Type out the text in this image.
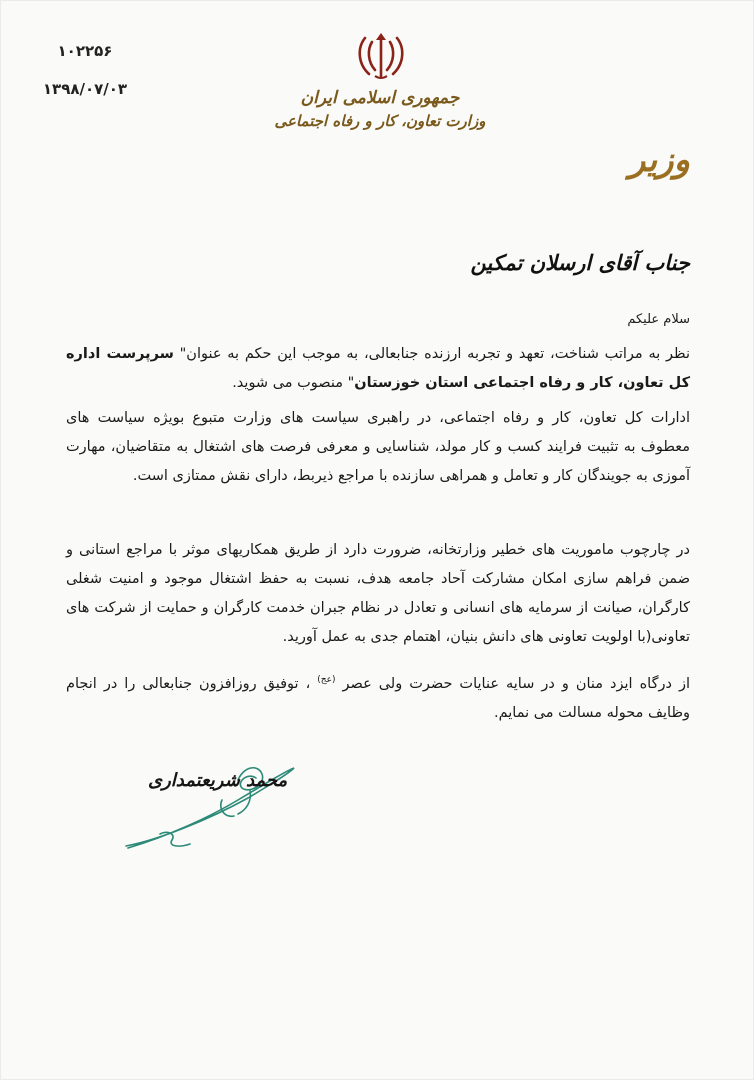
۱۰۲۲۵۶
۱۳۹۸/۰۷/۰۳	جمهوری اسلامی ایران
وزارت تعاون، کار و رفاه اجتماعی
وزیر
جناب آقای ارسلان تمکین
سلام علیکم
نظر به مراتب شناخت، تعهد و تجربه ارزنده جنابعالی، به موجب این حکم به عنوان" سرپرست اداره کل تعاون، کار و رفاه اجتماعی استان خوزستان" منصوب می شوید.
ادارات کل تعاون، کار و رفاه اجتماعی، در راهبری سیاست های وزارت متبوع بویژه سیاست های معطوف به تثبیت فرایند کسب و کار مولد، شناسایی و معرفی فرصت های اشتغال به متقاضیان، مهارت آموزی به جویندگان کار و تعامل و همراهی سازنده با مراجع ذیربط، دارای نقش ممتازی است.
در چارچوب ماموریت های خطیر وزارتخانه، ضرورت دارد از طریق همکاریهای موثر با مراجع استانی و ضمن فراهم سازی امکان مشارکت آحاد جامعه هدف، نسبت به حفظ اشتغال موجود و امنیت شغلی کارگران، صیانت از سرمایه های انسانی و تعادل در نظام جبران خدمت کارگران و حمایت از شرکت های تعاونی(با اولویت تعاونی های دانش بنیان، اهتمام جدی به عمل آورید.
از درگاه ایزد منان و در سایه عنایات حضرت ولی عصر $^{(عج)}$ ، توفیق روزافزون جنابعالی را در انجام وظایف محوله مسالت می نمایم.
محمد شریعتمداری
